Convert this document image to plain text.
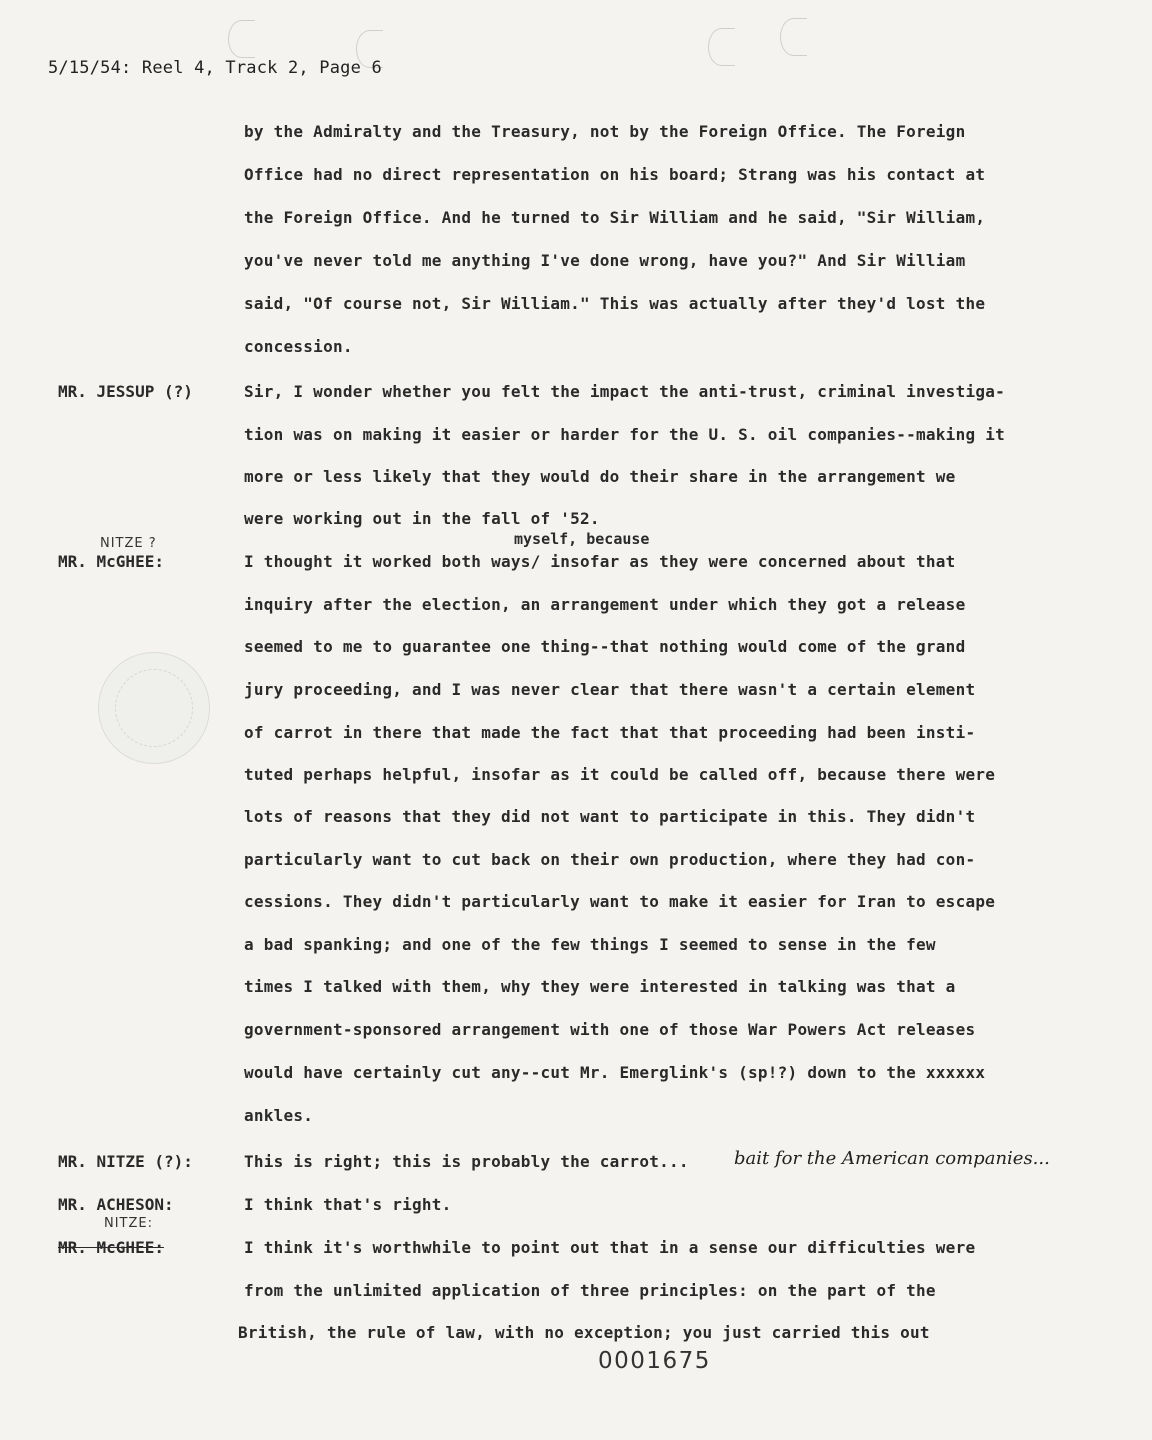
5/15/54: Reel 4, Track 2, Page 6
by the Admiralty and the Treasury, not by the Foreign Office. The Foreign
Office had no direct representation on his board; Strang was his contact at
the Foreign Office. And he turned to Sir William and he said, "Sir William,
you've never told me anything I've done wrong, have you?" And Sir William
said, "Of course not, Sir William." This was actually after they'd lost the
concession.
MR. JESSUP (?)	Sir, I wonder whether you felt the impact the anti-trust, criminal investiga-
tion was on making it easier or harder for the U. S. oil companies--making it
more or less likely that they would do their share in the arrangement we
were working out in the fall of '52.
NITZE ?	myself, because
MR. McGHEE:	I thought it worked both ways/ insofar as they were concerned about that
inquiry after the election, an arrangement under which they got a release
seemed to me to guarantee one thing--that nothing would come of the grand
jury proceeding, and I was never clear that there wasn't a certain element
of carrot in there that made the fact that that proceeding had been insti-
tuted perhaps helpful, insofar as it could be called off, because there were
lots of reasons that they did not want to participate in this. They didn't
particularly want to cut back on their own production, where they had con-
cessions. They didn't particularly want to make it easier for Iran to escape
a bad spanking; and one of the few things I seemed to sense in the few
times I talked with them, why they were interested in talking was that a
government-sponsored arrangement with one of those War Powers Act releases
would have certainly cut any--cut Mr. Emerglink's (sp!?) down to the xxxxxx
ankles.
MR. NITZE (?):	This is right; this is probably the carrot...	bait for the American companies...
MR. ACHESON:	I think that's right.
NITZE:
MR. McGHEE:	I think it's worthwhile to point out that in a sense our difficulties were
from the unlimited application of three principles: on the part of the
British, the rule of law, with no exception; you just carried this out
0001675
